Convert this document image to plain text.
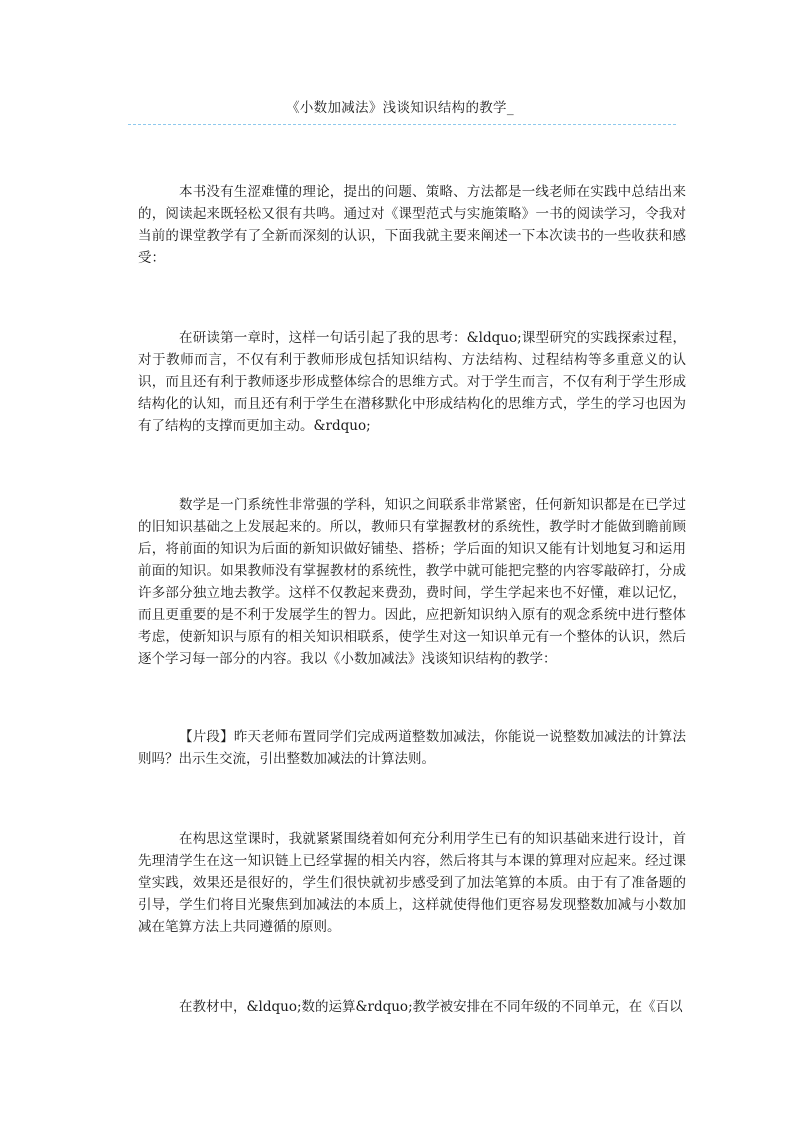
《小数加减法》浅谈知识结构的教学_

本书没有生涩难懂的理论，提出的问题、策略、方法都是一线老师在实践中总结出来的，阅读起来既轻松又很有共鸣。通过对《课型范式与实施策略》一书的阅读学习，令我对当前的课堂教学有了全新而深刻的认识，下面我就主要来阐述一下本次读书的一些收获和感受：

在研读第一章时，这样一句话引起了我的思考：&ldquo;课型研究的实践探索过程，对于教师而言，不仅有利于教师形成包括知识结构、方法结构、过程结构等多重意义的认识，而且还有利于教师逐步形成整体综合的思维方式。对于学生而言，不仅有利于学生形成结构化的认知，而且还有利于学生在潜移默化中形成结构化的思维方式，学生的学习也因为有了结构的支撑而更加主动。&rdquo;

数学是一门系统性非常强的学科，知识之间联系非常紧密，任何新知识都是在已学过的旧知识基础之上发展起来的。所以，教师只有掌握教材的系统性，教学时才能做到瞻前顾后，将前面的知识为后面的新知识做好铺垫、搭桥；学后面的知识又能有计划地复习和运用前面的知识。如果教师没有掌握教材的系统性，教学中就可能把完整的内容零敲碎打，分成许多部分独立地去教学。这样不仅教起来费劲，费时间，学生学起来也不好懂，难以记忆，而且更重要的是不利于发展学生的智力。因此，应把新知识纳入原有的观念系统中进行整体考虑，使新知识与原有的相关知识相联系，使学生对这一知识单元有一个整体的认识，然后逐个学习每一部分的内容。我以《小数加减法》浅谈知识结构的教学：

【片段】昨天老师布置同学们完成两道整数加减法，你能说一说整数加减法的计算法则吗？出示生交流，引出整数加减法的计算法则。

在构思这堂课时，我就紧紧围绕着如何充分利用学生已有的知识基础来进行设计，首先理清学生在这一知识链上已经掌握的相关内容，然后将其与本课的算理对应起来。经过课堂实践，效果还是很好的，学生们很快就初步感受到了加法笔算的本质。由于有了准备题的引导，学生们将目光聚焦到加减法的本质上，这样就使得他们更容易发现整数加减与小数加减在笔算方法上共同遵循的原则。

在教材中，&ldquo;数的运算&rdquo;教学被安排在不同年级的不同单元，在《百以
